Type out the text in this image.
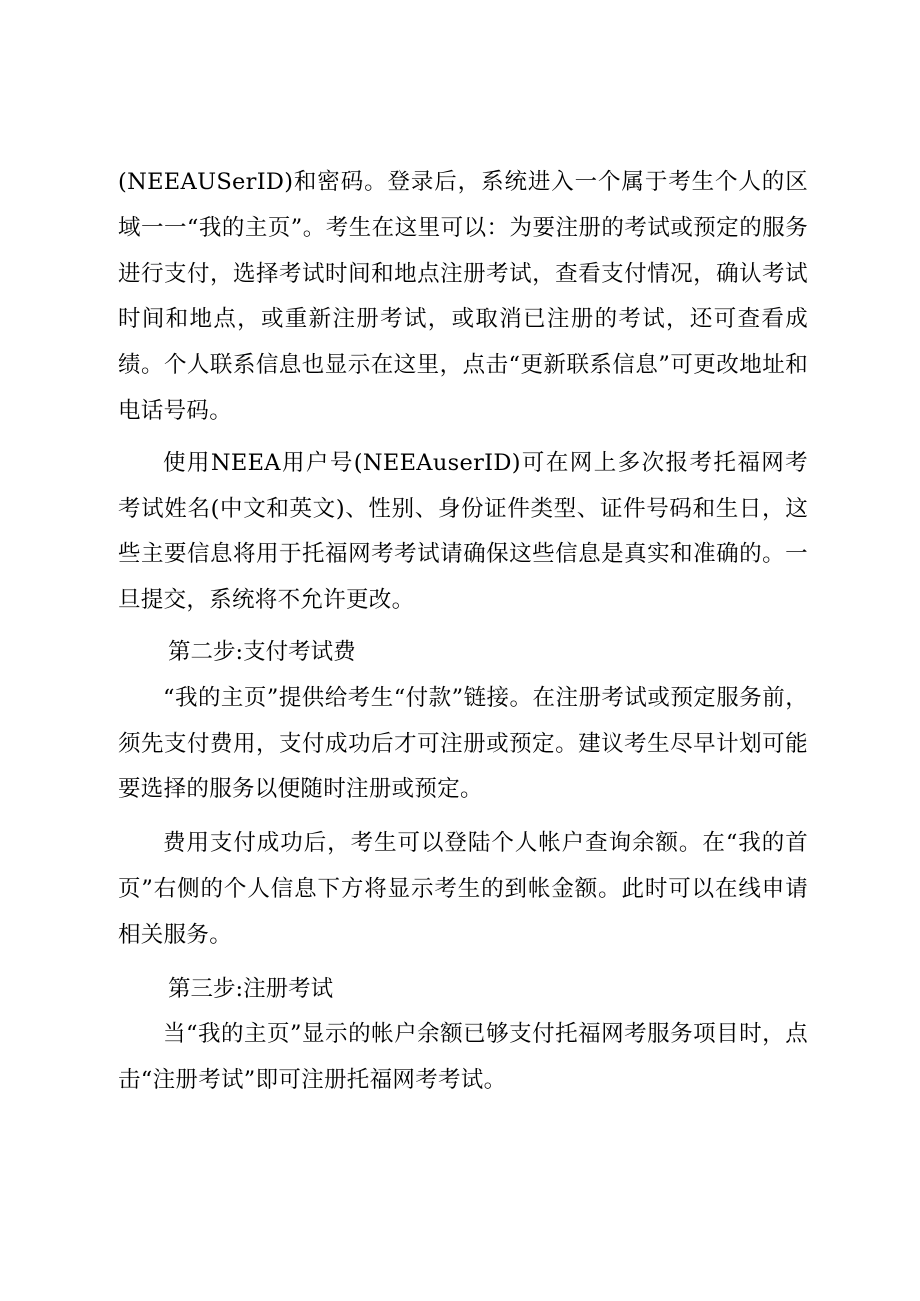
(NEEAUSerID)和密码。登录后，系统进入一个属于考生个人的区域一一“我的主页”。考生在这里可以：为要注册的考试或预定的服务进行支付，选择考试时间和地点注册考试，查看支付情况，确认考试时间和地点，或重新注册考试，或取消已注册的考试，还可查看成绩。个人联系信息也显示在这里，点击“更新联系信息”可更改地址和电话号码。

使用NEEA用户号(NEEAuserID)可在网上多次报考托福网考考试姓名(中文和英文)、性别、身份证件类型、证件号码和生日，这些主要信息将用于托福网考考试请确保这些信息是真实和准确的。一旦提交，系统将不允许更改。

第二步:支付考试费

“我的主页”提供给考生“付款”链接。在注册考试或预定服务前，须先支付费用，支付成功后才可注册或预定。建议考生尽早计划可能要选择的服务以便随时注册或预定。

费用支付成功后，考生可以登陆个人帐户查询余额。在“我的首页”右侧的个人信息下方将显示考生的到帐金额。此时可以在线申请相关服务。

第三步:注册考试

当“我的主页”显示的帐户余额已够支付托福网考服务项目时，点击“注册考试”即可注册托福网考考试。
